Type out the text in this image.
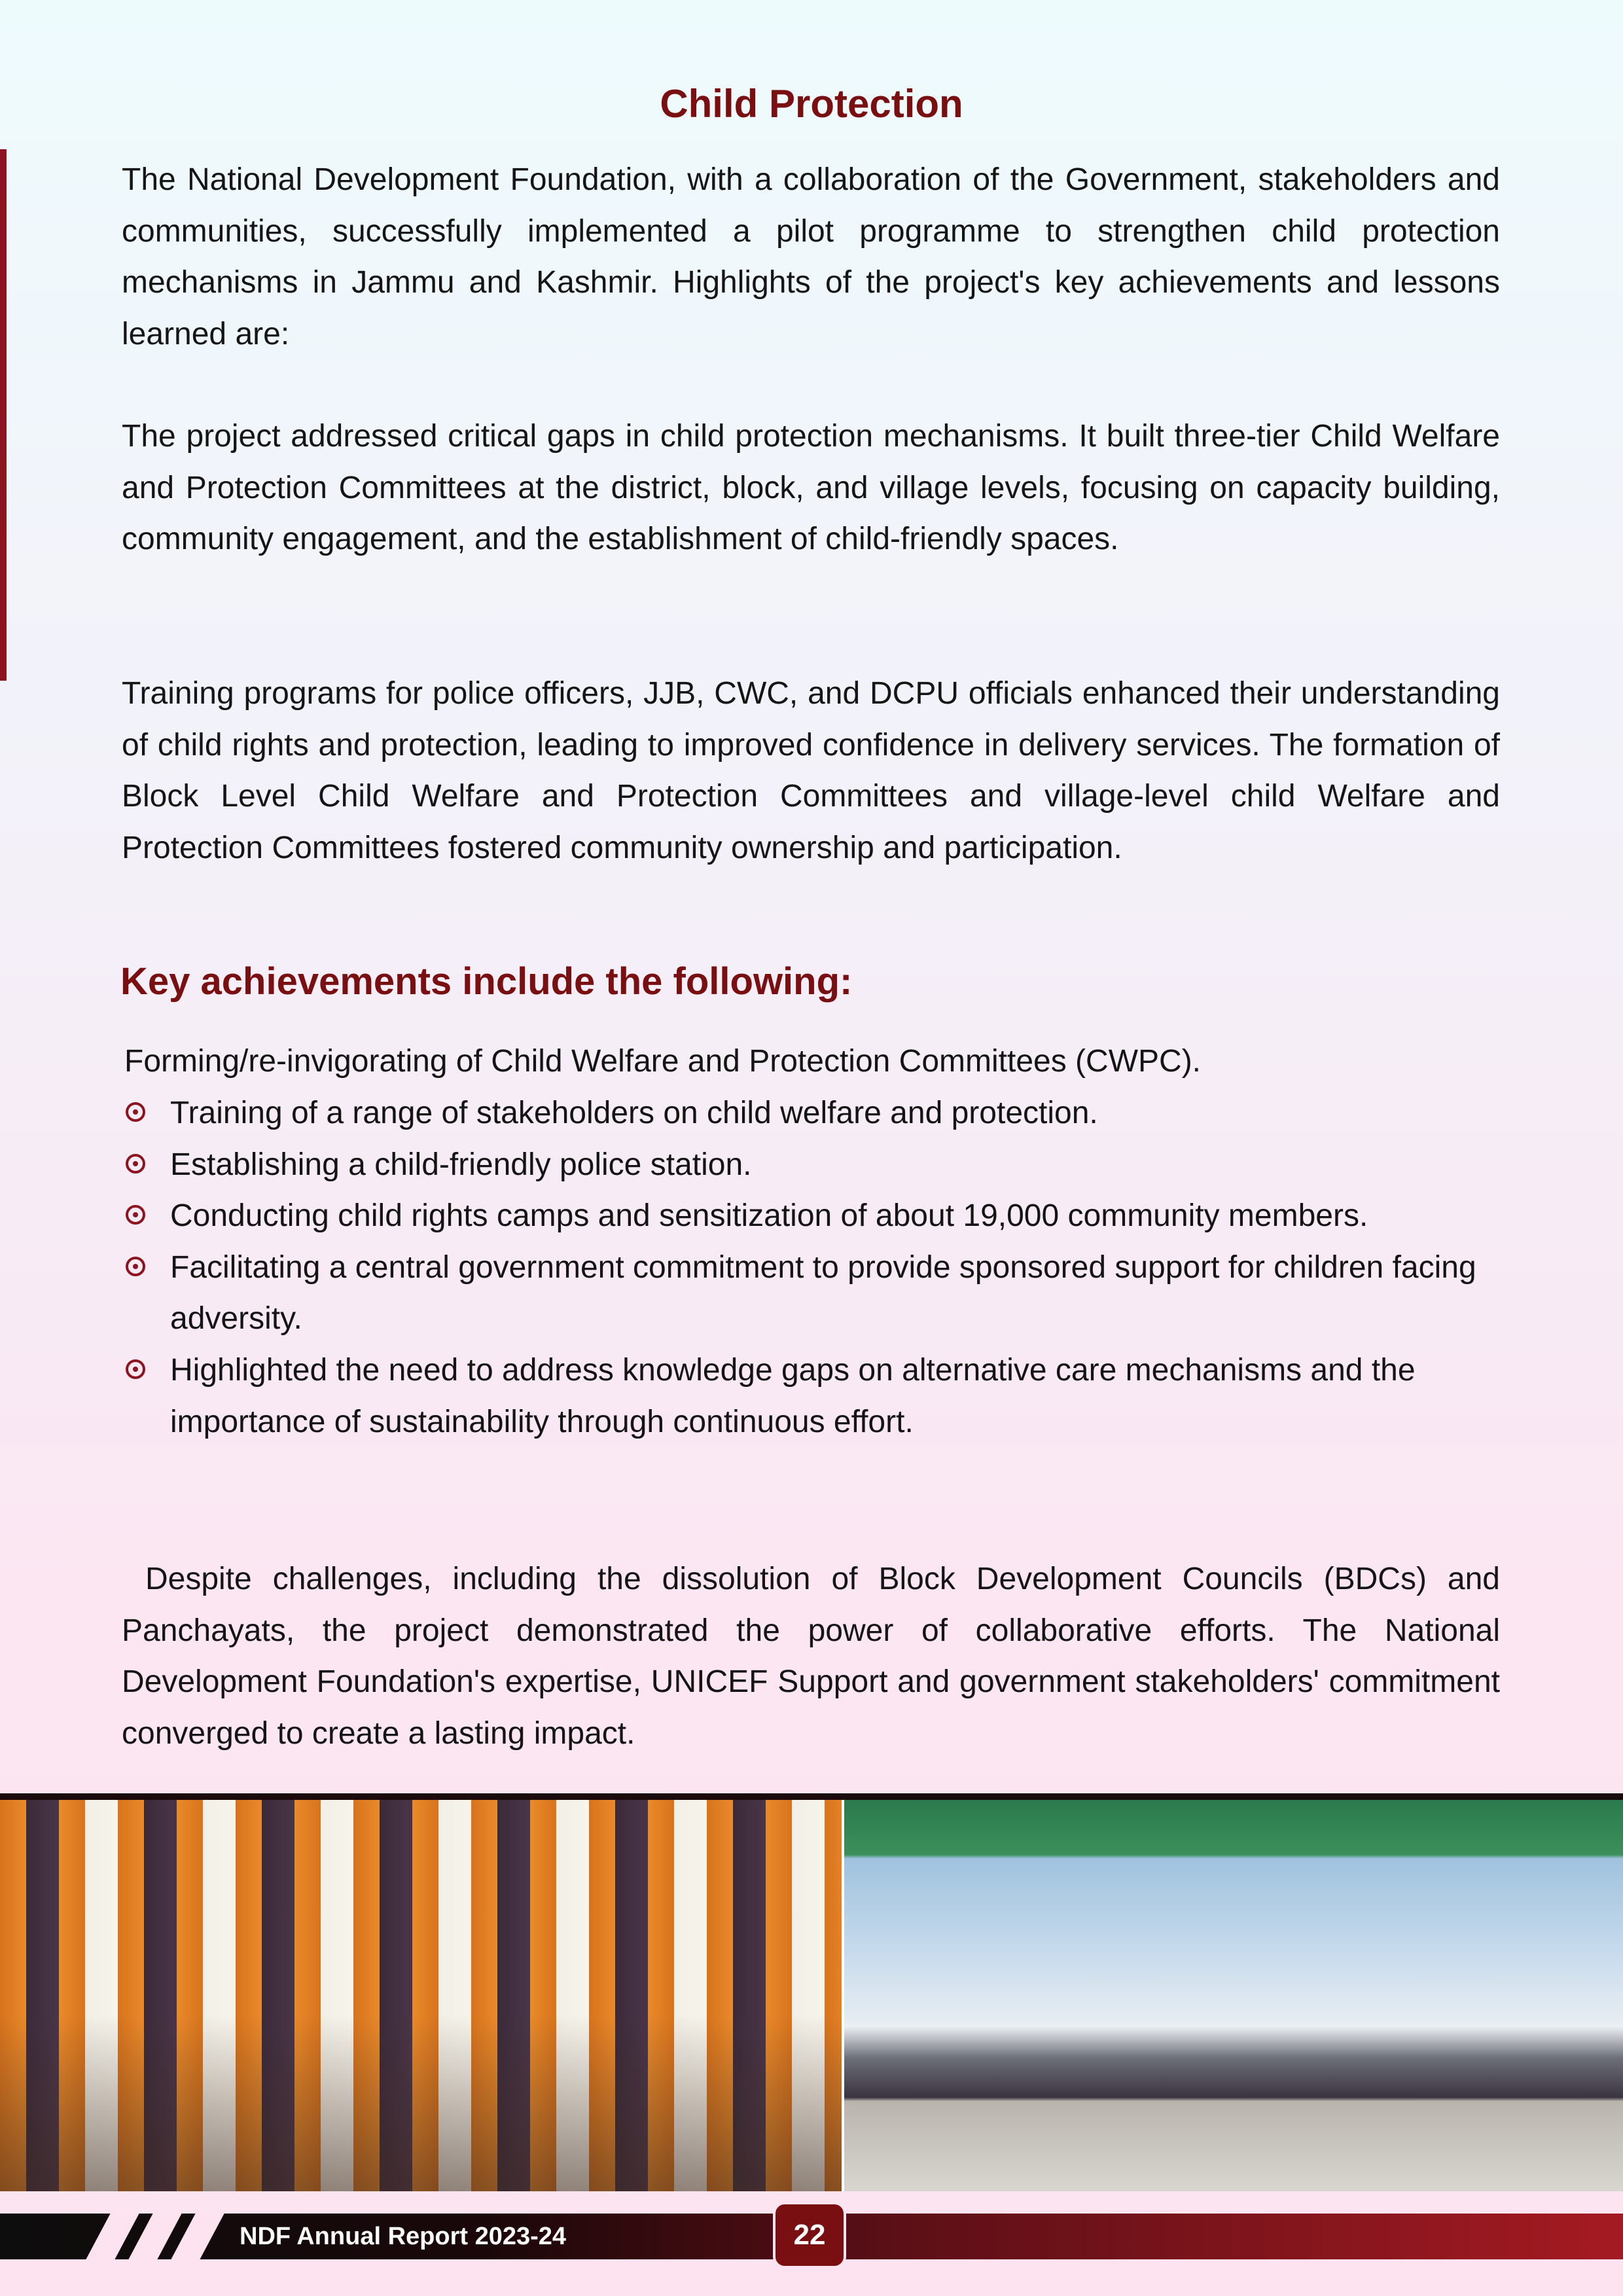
Child Protection

The National Development Foundation, with a collaboration of the Government, stakeholders and communities, successfully implemented a pilot programme to strengthen child protection mechanisms in Jammu and Kashmir. Highlights of the project's key achievements and lessons learned are:

The project addressed critical gaps in child protection mechanisms. It built three-tier Child Welfare and Protection Committees at the district, block, and village levels, focusing on capacity building, community engagement, and the establishment of child-friendly spaces.

Training programs for police officers, JJB, CWC, and DCPU officials enhanced their understanding of child rights and protection, leading to improved confidence in delivery services. The formation of Block Level Child Welfare and Protection Committees and village-level child Welfare and Protection Committees fostered community ownership and participation.

Key achievements include the following:

Forming/re-invigorating of Child Welfare and Protection Committees (CWPC).

Training of a range of stakeholders on child welfare and protection.
Establishing a child-friendly police station.
Conducting child rights camps and sensitization of about 19,000 community members.
Facilitating a central government commitment to provide sponsored support for children facing adversity.
Highlighted the need to address knowledge gaps on alternative care mechanisms and the importance of sustainability through continuous effort.

Despite challenges, including the dissolution of Block Development Councils (BDCs) and Panchayats, the project demonstrated the power of collaborative efforts. The National Development Foundation's expertise, UNICEF Support and government stakeholders' commitment converged to create a lasting impact.

NDF Annual Report 2023-24	22
